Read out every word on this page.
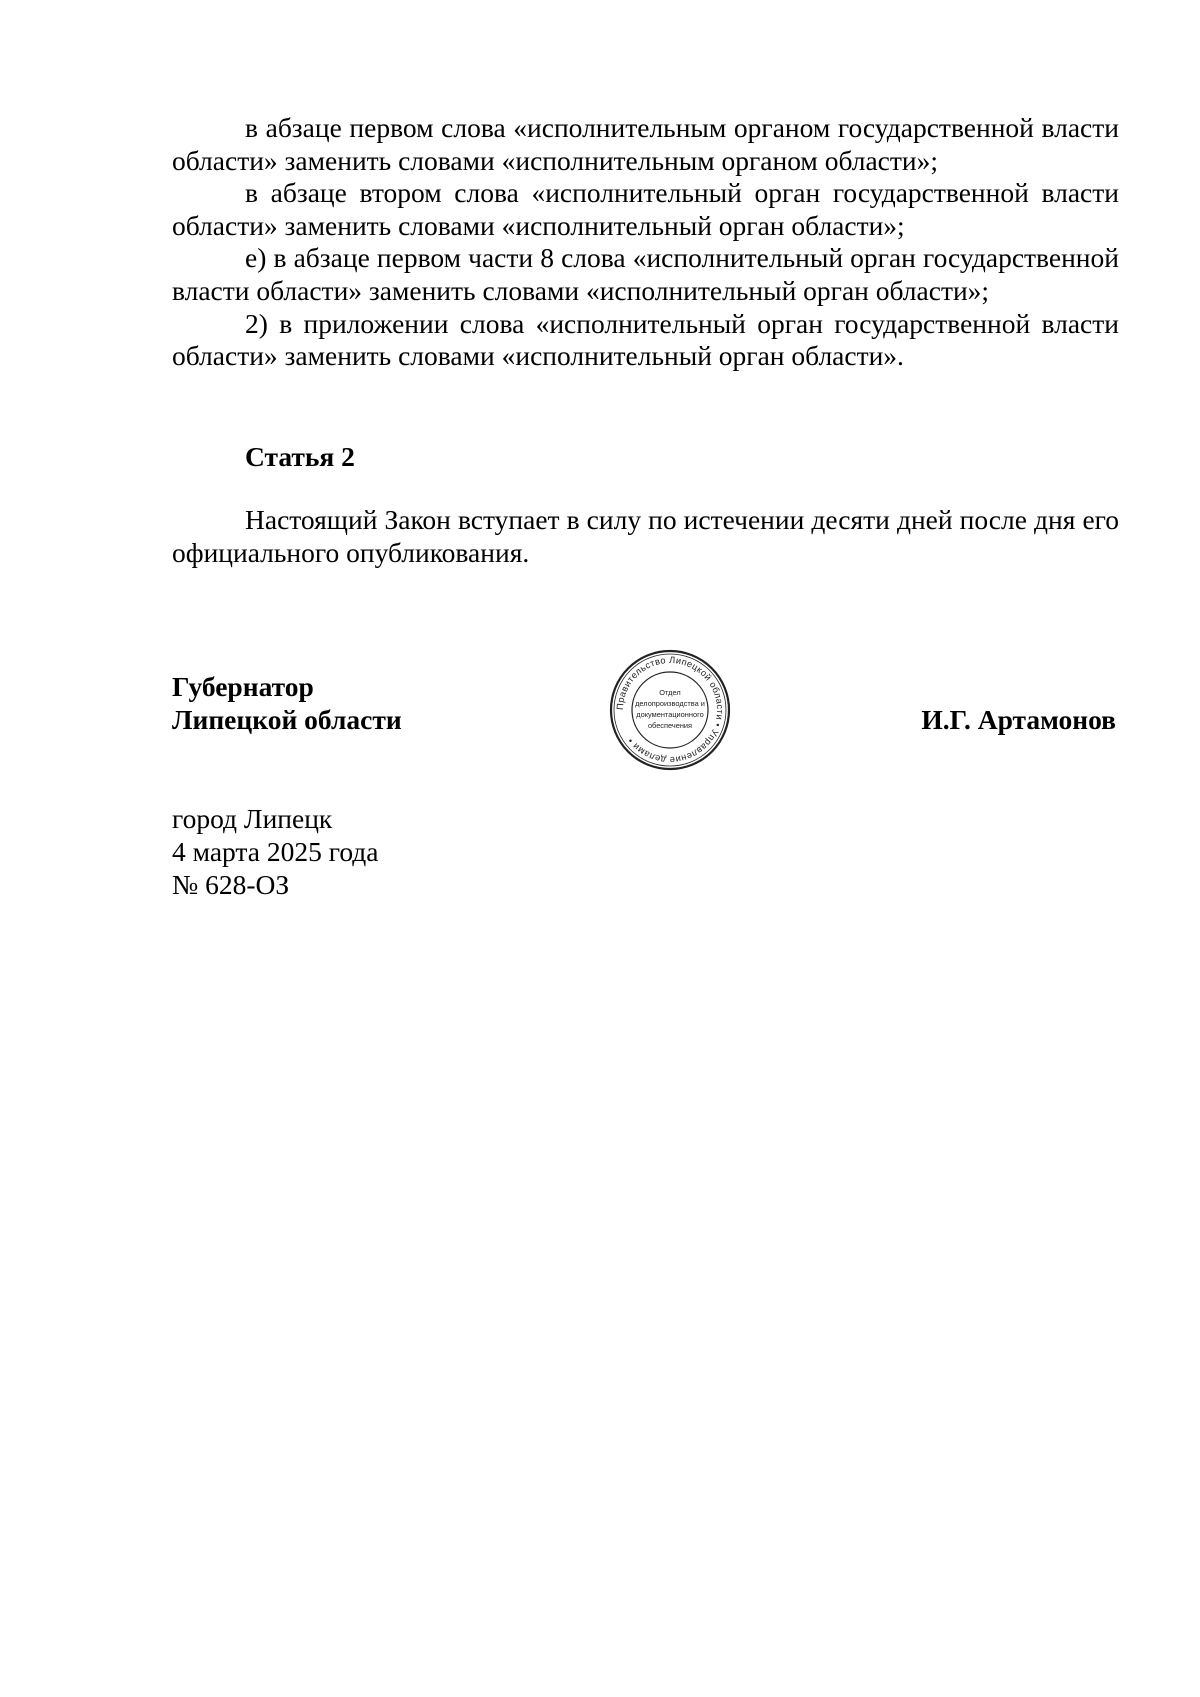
в абзаце первом слова «исполнительным органом государственной власти области» заменить словами «исполнительным органом области»;

в абзаце втором слова «исполнительный орган государственной власти области» заменить словами «исполнительный орган области»;

е) в абзаце первом части 8 слова «исполнительный орган государственной власти области» заменить словами «исполнительный орган области»;

2) в приложении слова «исполнительный орган государственной власти области» заменить словами «исполнительный орган области».

Статья 2

Настоящий Закон вступает в силу по истечении десяти дней после дня его официального опубликования.

Губернатор
Липецкой области	Правительство Липецкой области • Управление делами •
Отдел
делопроизводства и
документационного
обеспечения	И.Г. Артамонов
город Липецк
4 марта 2025 года
№ 628-ОЗ
